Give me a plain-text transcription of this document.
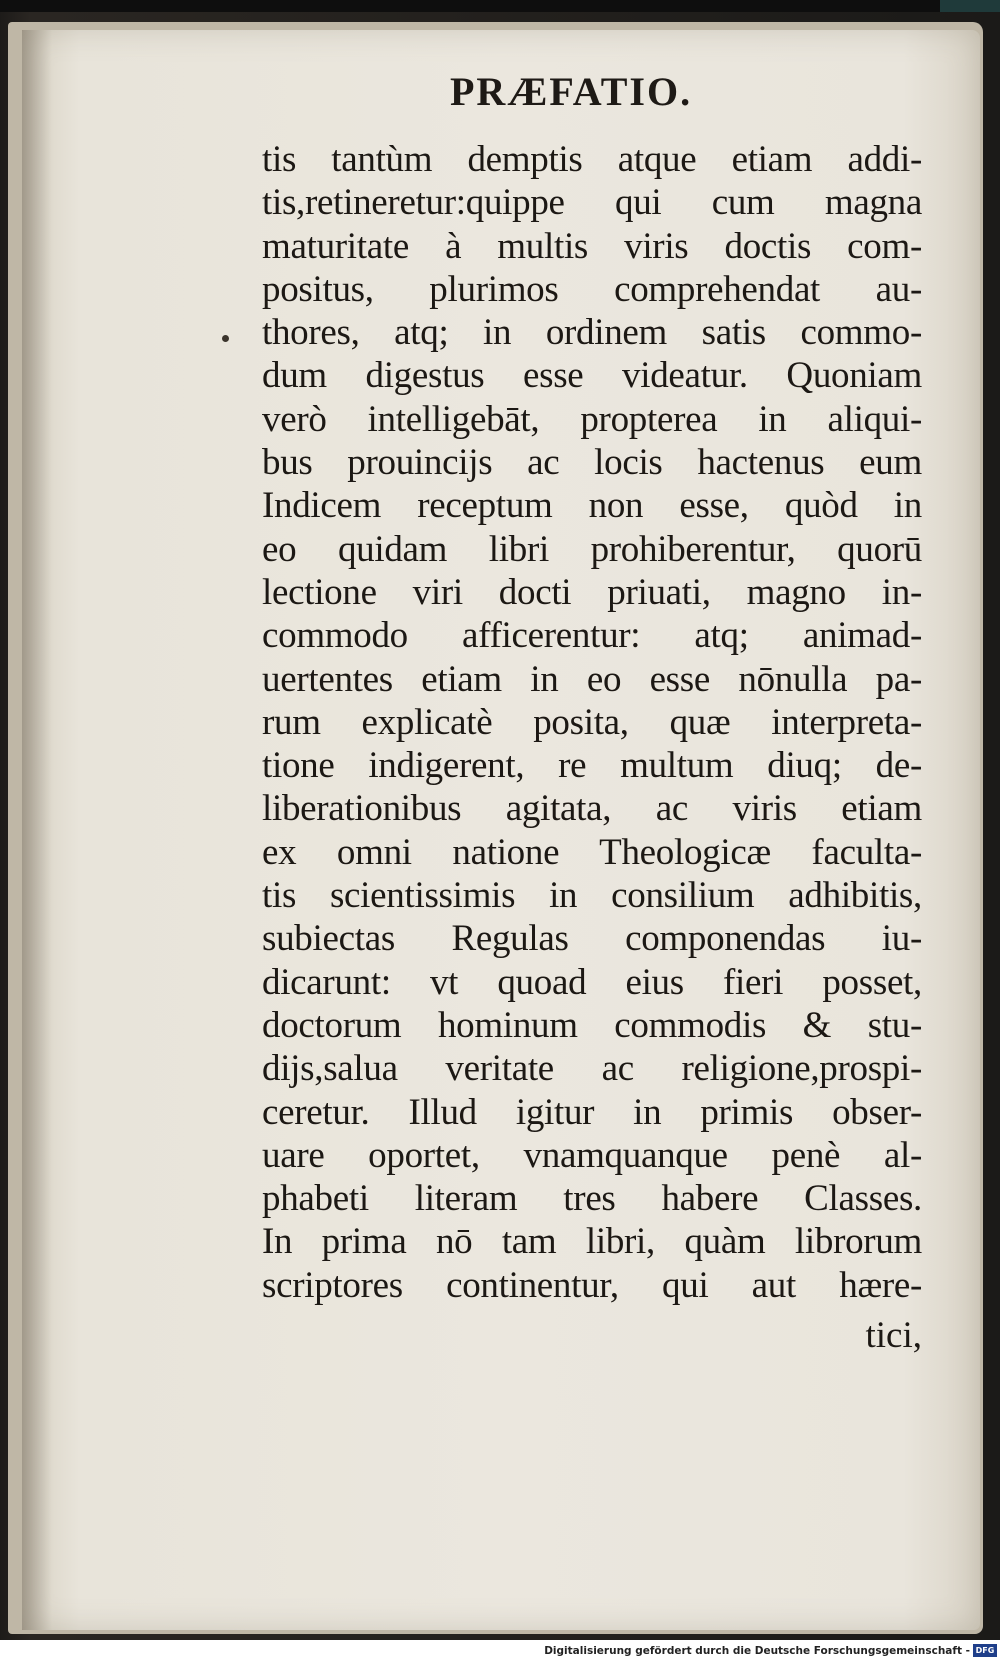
PRÆFATIO.
tis tantùm demptis atque etiam addi-
tis,retineretur:quippe qui cum magna
maturitate à multis viris doctis com-
positus, plurimos comprehendat au-
thores, atq; in ordinem satis commo-
dum digestus esse videatur. Quoniam
verò intelligebāt, propterea in aliqui-
bus prouincijs ac locis hactenus eum
Indicem receptum non esse, quòd in
eo quidam libri prohiberentur, quorū
lectione viri docti priuati, magno in-
commodo afficerentur: atq; animad-
uertentes etiam in eo esse nōnulla pa-
rum explicatè posita, quæ interpreta-
tione indigerent, re multum diuq; de-
liberationibus agitata, ac viris etiam
ex omni natione Theologicæ faculta-
tis scientissimis in consilium adhibitis,
subiectas Regulas componendas iu-
dicarunt: vt quoad eius fieri posset,
doctorum hominum commodis & stu-
dijs,salua veritate ac religione,prospi-
ceretur. Illud igitur in primis obser-
uare oportet, vnamquanque penè al-
phabeti literam tres habere Classes.
In prima nō tam libri, quàm librorum
scriptores continentur, qui aut hære-
tici,
Digitalisierung gefördert durch die Deutsche Forschungsgemeinschaft - DFG
